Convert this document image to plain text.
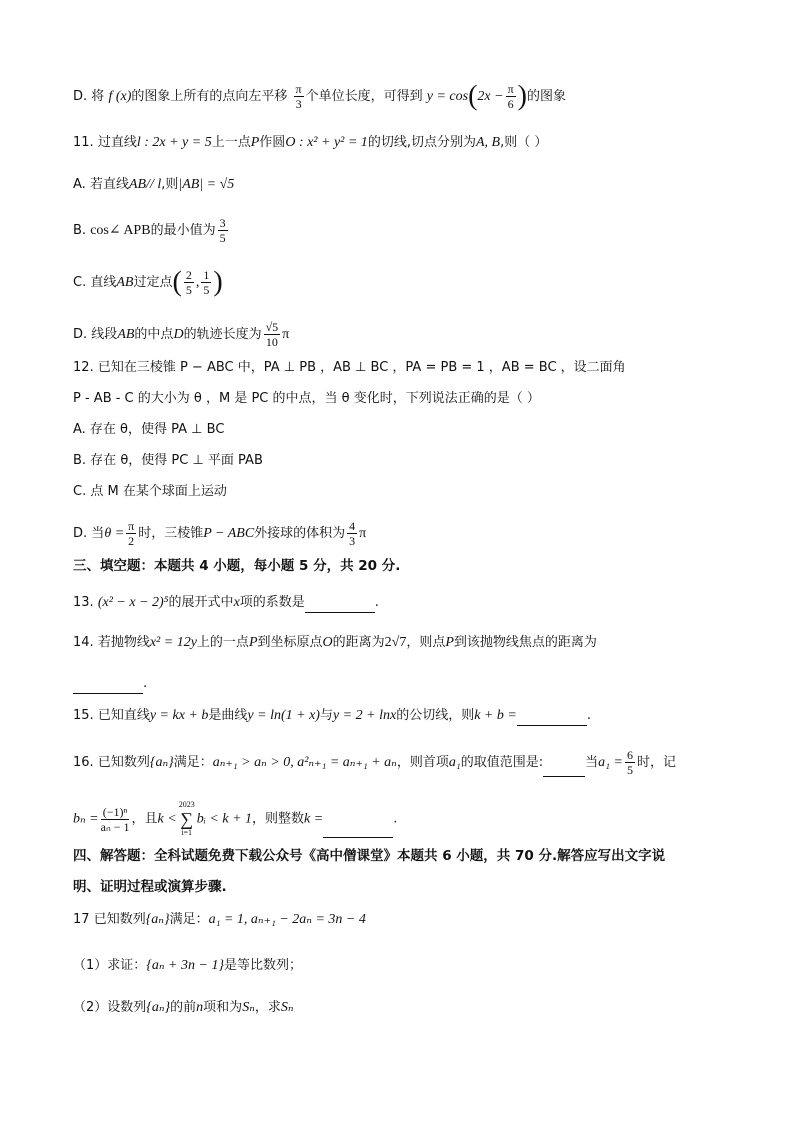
D. 将 f (x)的图象上所有的点向左平移 $\frac{\pi}{3}$ 个单位长度，可得到 $y = \cos(2x - \frac{\pi}{6}$ )的图象
11. 过直线l : 2x + y = 5上一点P作圆O : x² + y² = 1的切线,切点分别为A, B,则（ ）
A. 若直线AB// l,则|AB| = √5
B. cos∠ APB的最小值为 $\frac{3}{5}$
C. 直线AB过定点( $\frac{2}{5}$ , $\frac{1}{5}$ )
D. 线段AB的中点D的轨迹长度为 $\frac{√5}{10}$ π
12. 已知在三棱锥 P − ABC 中，PA ⊥ PB ，AB ⊥ BC ，PA = PB = 1 ，AB = BC ，设二面角
P - AB - C 的大小为 θ ，M 是 PC 的中点，当 θ 变化时，下列说法正确的是（ ）
A. 存在 θ，使得 PA ⊥ BC
B. 存在 θ，使得 PC ⊥ 平面 PAB
C. 点 M 在某个球面上运动
D. 当$\theta = \frac{\pi}{2}$ 时，三棱锥P − ABC外接球的体积为 $\frac{4}{3}$ π
三、填空题：本题共 4 小题，每小题 5 分，共 20 分.
13. (x² − x − 2)⁵的展开式中x项的系数是	.
14. 若抛物线x² = 12y上的一点P到坐标原点O的距离为2√7，则点P到该抛物线焦点的距离为
.
15. 已知直线y = kx + b是曲线y = ln(1 + x)与y = 2 + lnx的公切线，则k + b =	.
16. 已知数列{aₙ}满足：aₙ₊₁ > aₙ > 0, a²ₙ₊₁ = aₙ₊₁ + aₙ，则首项a₁的取值范围是:	当$a_1 = \frac{6}{5}$ 时，记
$b_n = \frac{\text{(−1)ⁿ}}{\text{aₙ − 1}}$ ，且k <
2023
∑
i=1
bᵢ < k + 1，则整数k =	.
四、解答题：全科试题免费下载公众号《高中僧课堂》本题共 6 小题，共 70 分.解答应写出文字说
明、证明过程或演算步骤.
17 已知数列{aₙ}满足：a₁ = 1, aₙ₊₁ − 2aₙ = 3n − 4
（1）求证：{aₙ + 3n − 1}是等比数列；
（2）设数列{aₙ}的前n项和为Sₙ，求Sₙ
